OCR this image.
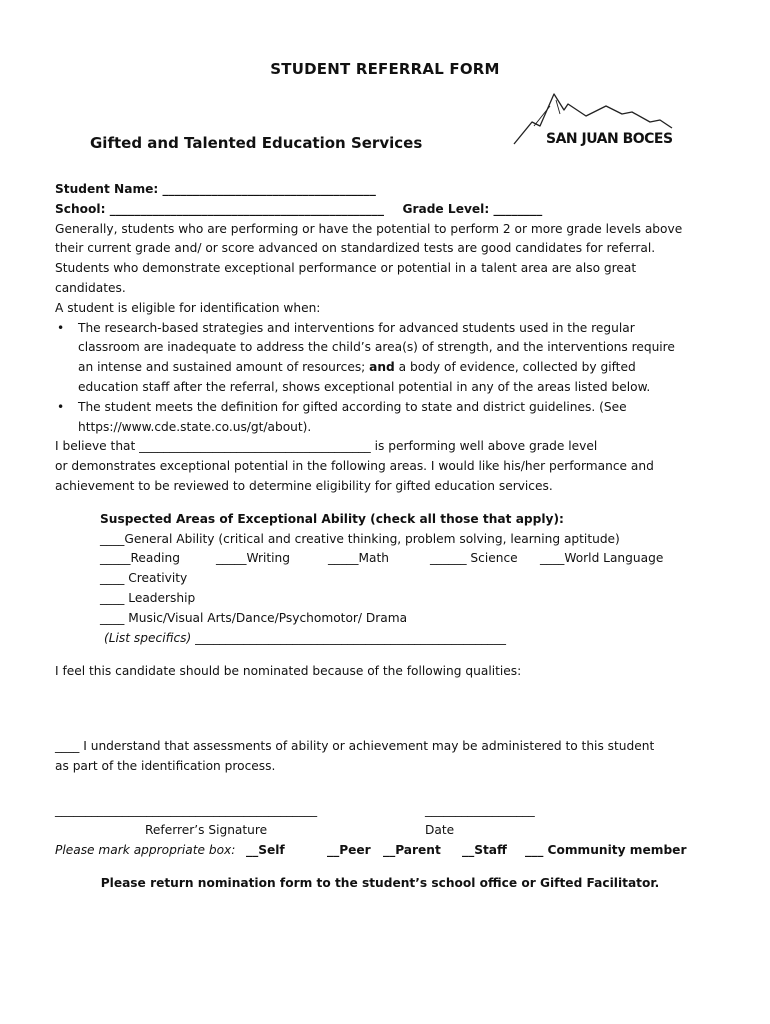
STUDENT REFERRAL FORM
Gifted and Talented Education Services	SAN JUAN BOCES
Student Name: ___________________________________
School: _____________________________________________ Grade Level: ________
Generally, students who are performing or have the potential to perform 2 or more grade levels above
their current grade and/ or score advanced on standardized tests are good candidates for referral.
Students who demonstrate exceptional performance or potential in a talent area are also great
candidates.
A student is eligible for identification when:
• The research-based strategies and interventions for advanced students used in the regular
classroom are inadequate to address the child’s area(s) of strength, and the interventions require
an intense and sustained amount of resources; and a body of evidence, collected by gifted
education staff after the referral, shows exceptional potential in any of the areas listed below.
• The student meets the definition for gifted according to state and district guidelines. (See
https://www.cde.state.co.us/gt/about).
I believe that ______________________________________ is performing well above grade level
or demonstrates exceptional potential in the following areas. I would like his/her performance and
achievement to be reviewed to determine eligibility for gifted education services.
Suspected Areas of Exceptional Ability (check all those that apply):
____General Ability (critical and creative thinking, problem solving, learning aptitude)
_____Reading	_____Writing	_____Math	______ Science ____World Language
____ Creativity
____ Leadership
____ Music/Visual Arts/Dance/Psychomotor/ Drama
(List specifics) ___________________________________________________
I feel this candidate should be nominated because of the following qualities:
____ I understand that assessments of ability or achievement may be administered to this student
as part of the identification process.
___________________________________________	__________________
Referrer’s Signature	Date
Please mark appropriate box: __Self	__Peer __Parent __Staff ___ Community member
Please return nomination form to the student’s school office or Gifted Facilitator.
